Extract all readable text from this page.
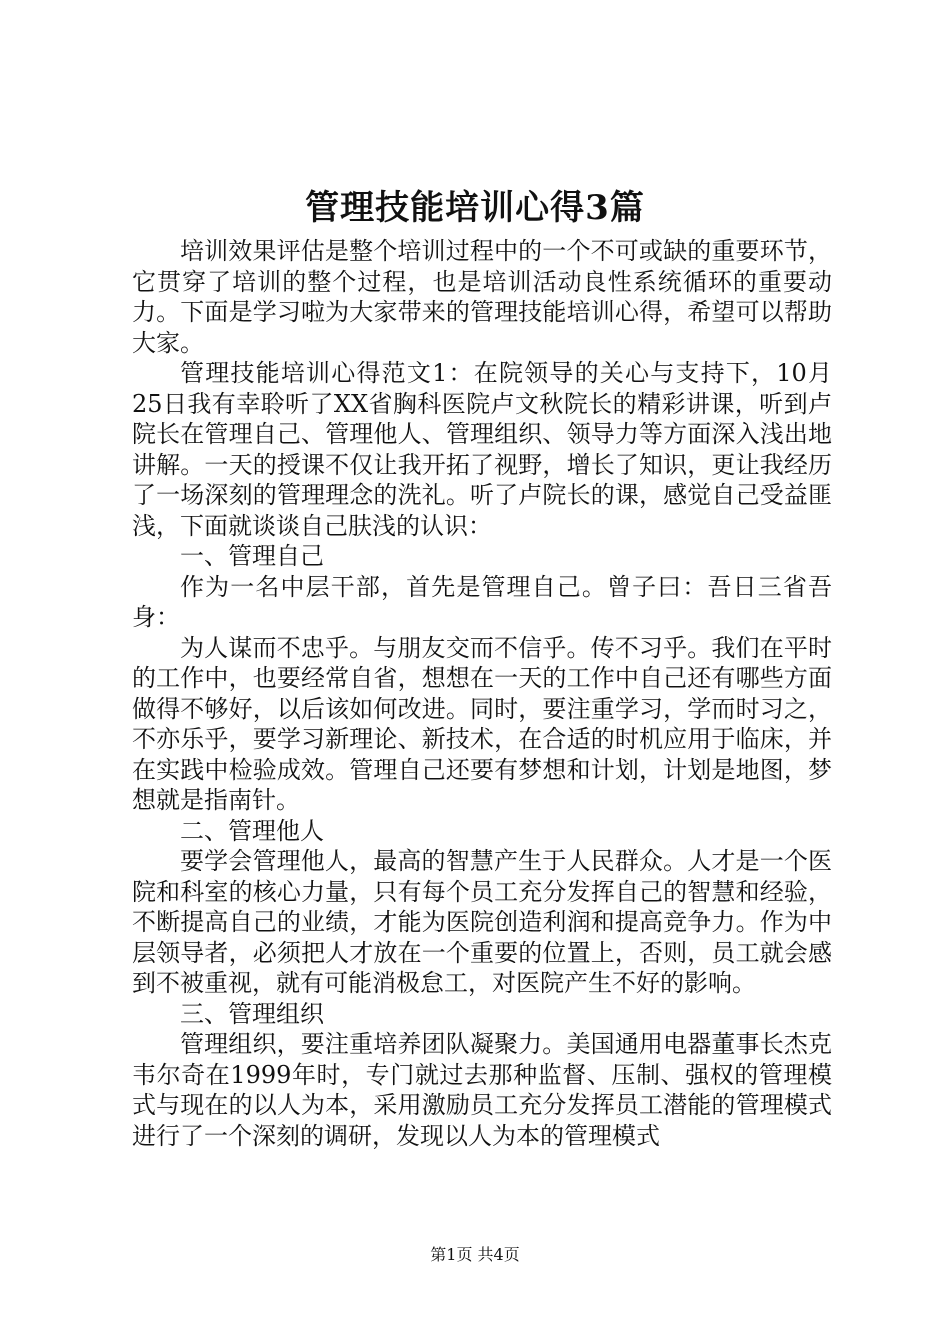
管理技能培训心得3篇

培训效果评估是整个培训过程中的一个不可或缺的重要环节，它贯穿了培训的整个过程，也是培训活动良性系统循环的重要动力。下面是学习啦为大家带来的管理技能培训心得，希望可以帮助大家。

管理技能培训心得范文1：在院领导的关心与支持下，10月25日我有幸聆听了XX省胸科医院卢文秋院长的精彩讲课，听到卢院长在管理自己、管理他人、管理组织、领导力等方面深入浅出地讲解。一天的授课不仅让我开拓了视野，增长了知识，更让我经历了一场深刻的管理理念的洗礼。听了卢院长的课，感觉自己受益匪浅，下面就谈谈自己肤浅的认识：

一、管理自己

作为一名中层干部，首先是管理自己。曾子曰：吾日三省吾身：

为人谋而不忠乎。与朋友交而不信乎。传不习乎。我们在平时的工作中，也要经常自省，想想在一天的工作中自己还有哪些方面做得不够好，以后该如何改进。同时，要注重学习，学而时习之，不亦乐乎，要学习新理论、新技术，在合适的时机应用于临床，并在实践中检验成效。管理自己还要有梦想和计划，计划是地图，梦想就是指南针。

二、管理他人

要学会管理他人，最高的智慧产生于人民群众。人才是一个医院和科室的核心力量，只有每个员工充分发挥自己的智慧和经验，不断提高自己的业绩，才能为医院创造利润和提高竞争力。作为中层领导者，必须把人才放在一个重要的位置上，否则，员工就会感到不被重视，就有可能消极怠工，对医院产生不好的影响。

三、管理组织

管理组织，要注重培养团队凝聚力。美国通用电器董事长杰克韦尔奇在1999年时，专门就过去那种监督、压制、强权的管理模式与现在的以人为本，采用激励员工充分发挥员工潜能的管理模式进行了一个深刻的调研，发现以人为本的管理模式

第1页 共4页
